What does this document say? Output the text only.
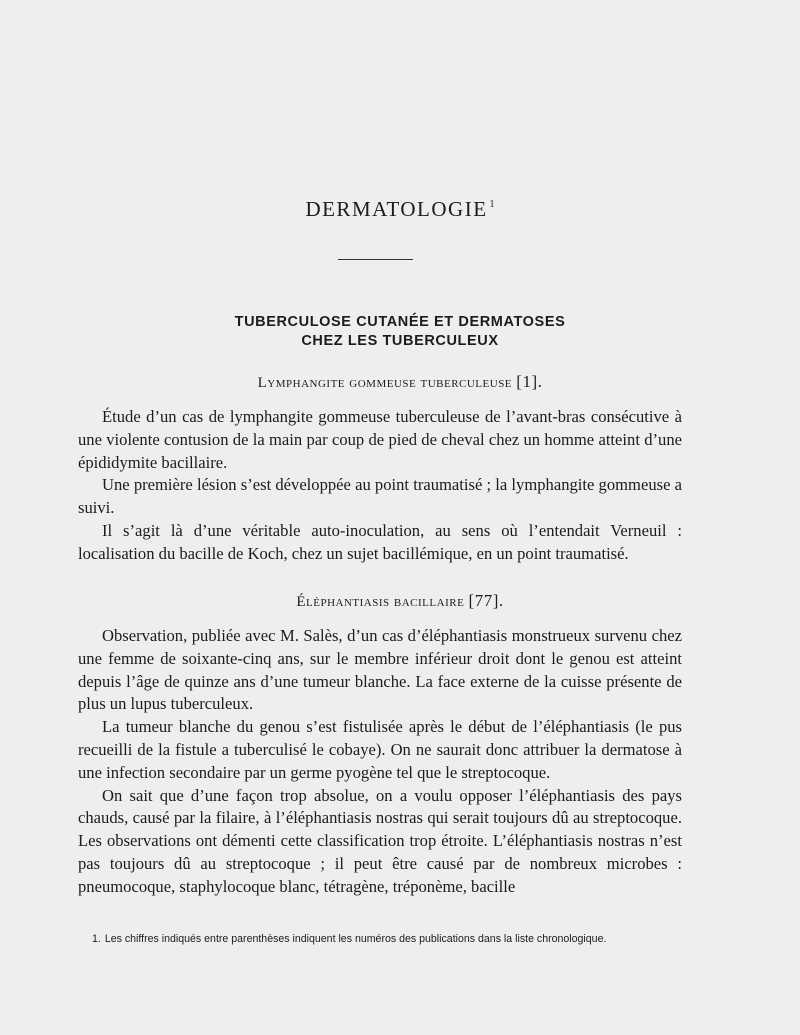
DERMATOLOGIE $^1$
TUBERCULOSE CUTANÉE ET DERMATOSES
CHEZ LES TUBERCULEUX
Lymphangite gommeuse tuberculeuse [1].

Étude d’un cas de lymphangite gommeuse tuberculeuse de l’avant-bras consécutive à une violente contusion de la main par coup de pied de cheval chez un homme atteint d’une épididymite bacillaire.

Une première lésion s’est développée au point traumatisé ; la lymphangite gommeuse a suivi.

Il s’agit là d’une véritable auto-inoculation, au sens où l’entendait Verneuil : localisation du bacille de Koch, chez un sujet bacillémique, en un point traumatisé.

Éléphantiasis bacillaire [77].

Observation, publiée avec M. Salès, d’un cas d’éléphantiasis monstrueux survenu chez une femme de soixante-cinq ans, sur le membre inférieur droit dont le genou est atteint depuis l’âge de quinze ans d’une tumeur blanche. La face externe de la cuisse présente de plus un lupus tuberculeux.

La tumeur blanche du genou s’est fistulisée après le début de l’éléphantiasis (le pus recueilli de la fistule a tuberculisé le cobaye). On ne saurait donc attribuer la dermatose à une infection secondaire par un germe pyogène tel que le streptocoque.

On sait que d’une façon trop absolue, on a voulu opposer l’éléphantiasis des pays chauds, causé par la filaire, à l’éléphantiasis nostras qui serait toujours dû au streptocoque. Les observations ont démenti cette classification trop étroite. L’éléphantiasis nostras n’est pas toujours dû au streptocoque ; il peut être causé par de nombreux microbes : pneumocoque, staphylocoque blanc, tétragène, tréponème, bacille

1. Les chiffres indiqués entre parenthèses indiquent les numéros des publications dans la liste chronologique.
